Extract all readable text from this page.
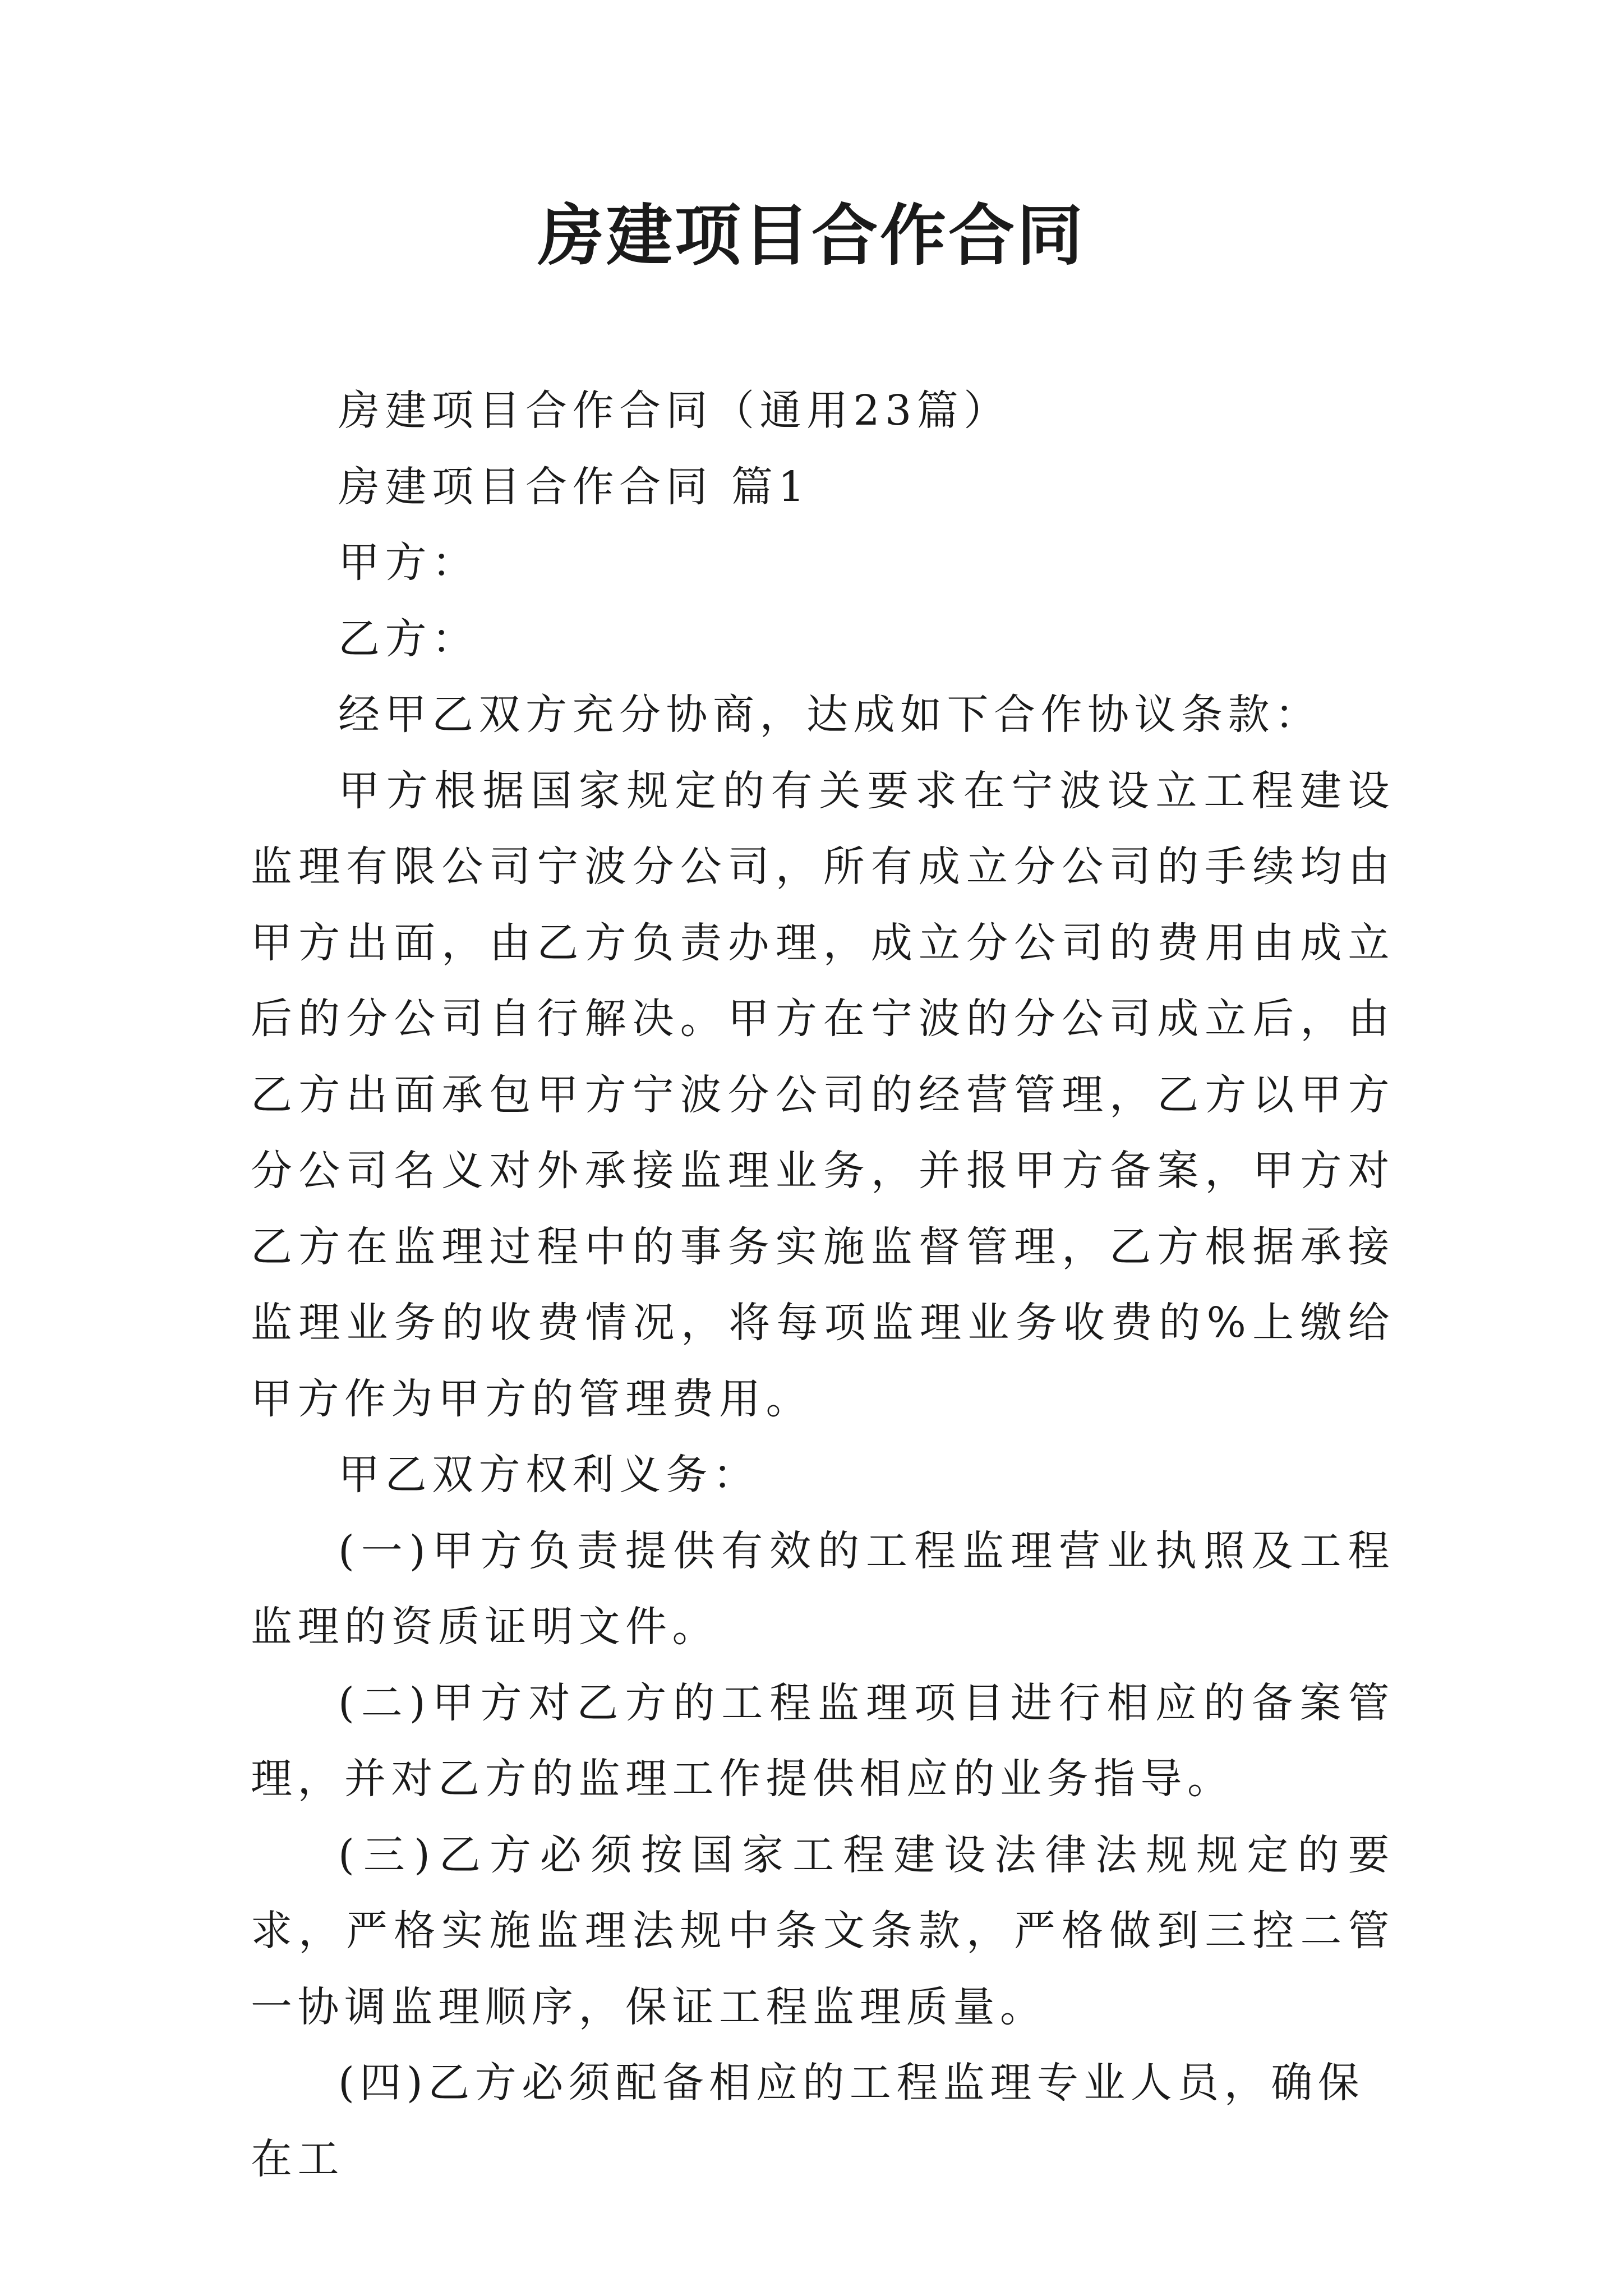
房建项目合作合同

房建项目合作合同（通用23篇）

房建项目合作合同 篇1

甲方：

乙方：

经甲乙双方充分协商，达成如下合作协议条款：

甲方根据国家规定的有关要求在宁波设立工程建设监理有限公司宁波分公司，所有成立分公司的手续均由甲方出面，由乙方负责办理，成立分公司的费用由成立后的分公司自行解决。甲方在宁波的分公司成立后，由乙方出面承包甲方宁波分公司的经营管理，乙方以甲方分公司名义对外承接监理业务，并报甲方备案，甲方对乙方在监理过程中的事务实施监督管理，乙方根据承接监理业务的收费情况，将每项监理业务收费的%上缴给甲方作为甲方的管理费用。

甲乙双方权利义务：

(一)甲方负责提供有效的工程监理营业执照及工程监理的资质证明文件。

(二)甲方对乙方的工程监理项目进行相应的备案管理，并对乙方的监理工作提供相应的业务指导。

(三)乙方必须按国家工程建设法律法规规定的要求，严格实施监理法规中条文条款，严格做到三控二管一协调监理顺序，保证工程监理质量。

(四)乙方必须配备相应的工程监理专业人员，确保在工
